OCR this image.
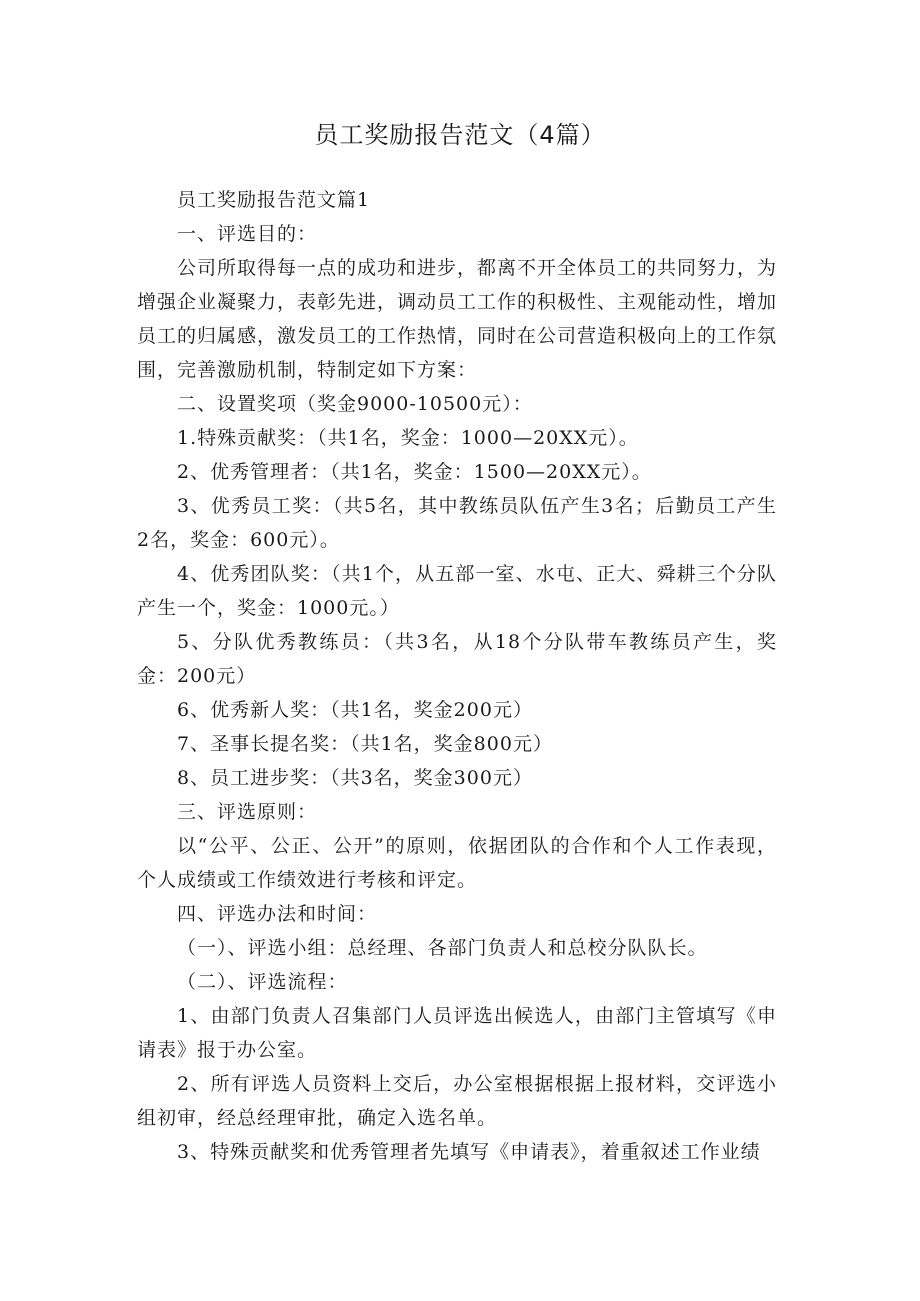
员工奖励报告范文（4篇）

员工奖励报告范文篇1

一、评选目的：

公司所取得每一点的成功和进步，都离不开全体员工的共同努力，为增强企业凝聚力，表彰先进，调动员工工作的积极性、主观能动性，增加员工的归属感，激发员工的工作热情，同时在公司营造积极向上的工作氛围，完善激励机制，特制定如下方案：

二、设置奖项（奖金9000-10500元）：

1.特殊贡献奖：（共1名，奖金：1000—20XX元）。

2、优秀管理者：（共1名，奖金：1500—20XX元）。

3、优秀员工奖：（共5名，其中教练员队伍产生3名；后勤员工产生2名，奖金：600元）。

4、优秀团队奖：（共1个，从五部一室、水屯、正大、舜耕三个分队产生一个，奖金：1000元。）

5、分队优秀教练员：（共3名，从18个分队带车教练员产生，奖金：200元）

6、优秀新人奖：（共1名，奖金200元）

7、圣事长提名奖：（共1名，奖金800元）

8、员工进步奖：（共3名，奖金300元）

三、评选原则：

以“公平、公正、公开”的原则，依据团队的合作和个人工作表现，个人成绩或工作绩效进行考核和评定。

四、评选办法和时间：

（一）、评选小组：总经理、各部门负责人和总校分队队长。

（二）、评选流程：

1、由部门负责人召集部门人员评选出候选人，由部门主管填写《申请表》报于办公室。

2、所有评选人员资料上交后，办公室根据根据上报材料，交评选小组初审，经总经理审批，确定入选名单。

3、特殊贡献奖和优秀管理者先填写《申请表》，着重叙述工作业绩
